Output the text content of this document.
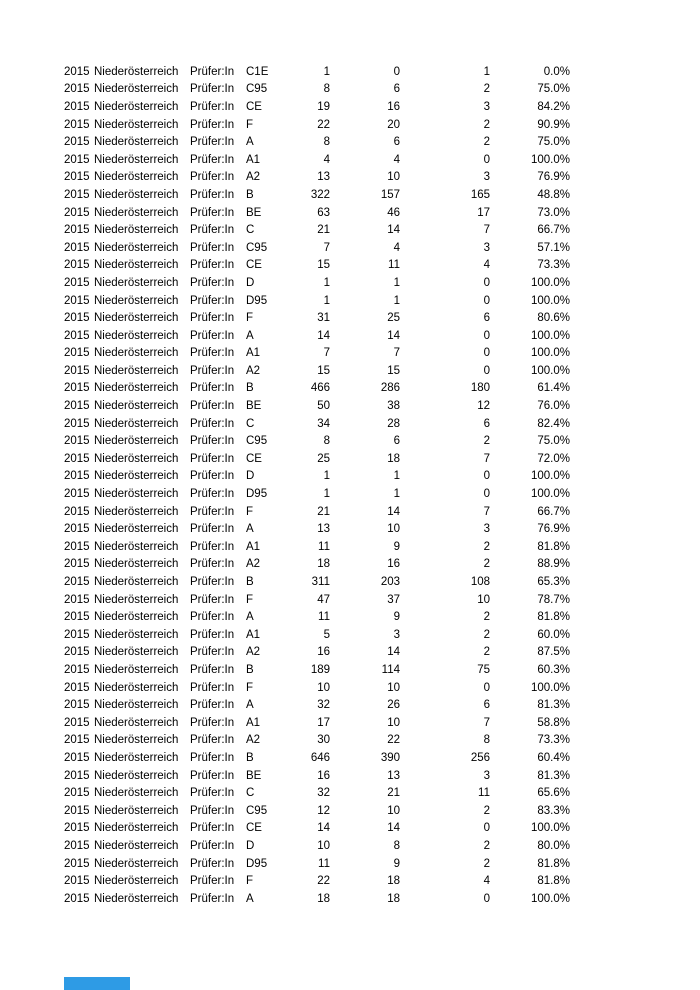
2015	Niederösterreich	Prüfer:In	C1E	1	0	1	0.0%
2015	Niederösterreich	Prüfer:In	C95	8	6	2	75.0%
2015	Niederösterreich	Prüfer:In	CE	19	16	3	84.2%
2015	Niederösterreich	Prüfer:In	F	22	20	2	90.9%
2015	Niederösterreich	Prüfer:In	A	8	6	2	75.0%
2015	Niederösterreich	Prüfer:In	A1	4	4	0	100.0%
2015	Niederösterreich	Prüfer:In	A2	13	10	3	76.9%
2015	Niederösterreich	Prüfer:In	B	322	157	165	48.8%
2015	Niederösterreich	Prüfer:In	BE	63	46	17	73.0%
2015	Niederösterreich	Prüfer:In	C	21	14	7	66.7%
2015	Niederösterreich	Prüfer:In	C95	7	4	3	57.1%
2015	Niederösterreich	Prüfer:In	CE	15	11	4	73.3%
2015	Niederösterreich	Prüfer:In	D	1	1	0	100.0%
2015	Niederösterreich	Prüfer:In	D95	1	1	0	100.0%
2015	Niederösterreich	Prüfer:In	F	31	25	6	80.6%
2015	Niederösterreich	Prüfer:In	A	14	14	0	100.0%
2015	Niederösterreich	Prüfer:In	A1	7	7	0	100.0%
2015	Niederösterreich	Prüfer:In	A2	15	15	0	100.0%
2015	Niederösterreich	Prüfer:In	B	466	286	180	61.4%
2015	Niederösterreich	Prüfer:In	BE	50	38	12	76.0%
2015	Niederösterreich	Prüfer:In	C	34	28	6	82.4%
2015	Niederösterreich	Prüfer:In	C95	8	6	2	75.0%
2015	Niederösterreich	Prüfer:In	CE	25	18	7	72.0%
2015	Niederösterreich	Prüfer:In	D	1	1	0	100.0%
2015	Niederösterreich	Prüfer:In	D95	1	1	0	100.0%
2015	Niederösterreich	Prüfer:In	F	21	14	7	66.7%
2015	Niederösterreich	Prüfer:In	A	13	10	3	76.9%
2015	Niederösterreich	Prüfer:In	A1	11	9	2	81.8%
2015	Niederösterreich	Prüfer:In	A2	18	16	2	88.9%
2015	Niederösterreich	Prüfer:In	B	311	203	108	65.3%
2015	Niederösterreich	Prüfer:In	F	47	37	10	78.7%
2015	Niederösterreich	Prüfer:In	A	11	9	2	81.8%
2015	Niederösterreich	Prüfer:In	A1	5	3	2	60.0%
2015	Niederösterreich	Prüfer:In	A2	16	14	2	87.5%
2015	Niederösterreich	Prüfer:In	B	189	114	75	60.3%
2015	Niederösterreich	Prüfer:In	F	10	10	0	100.0%
2015	Niederösterreich	Prüfer:In	A	32	26	6	81.3%
2015	Niederösterreich	Prüfer:In	A1	17	10	7	58.8%
2015	Niederösterreich	Prüfer:In	A2	30	22	8	73.3%
2015	Niederösterreich	Prüfer:In	B	646	390	256	60.4%
2015	Niederösterreich	Prüfer:In	BE	16	13	3	81.3%
2015	Niederösterreich	Prüfer:In	C	32	21	11	65.6%
2015	Niederösterreich	Prüfer:In	C95	12	10	2	83.3%
2015	Niederösterreich	Prüfer:In	CE	14	14	0	100.0%
2015	Niederösterreich	Prüfer:In	D	10	8	2	80.0%
2015	Niederösterreich	Prüfer:In	D95	11	9	2	81.8%
2015	Niederösterreich	Prüfer:In	F	22	18	4	81.8%
2015	Niederösterreich	Prüfer:In	A	18	18	0	100.0%
